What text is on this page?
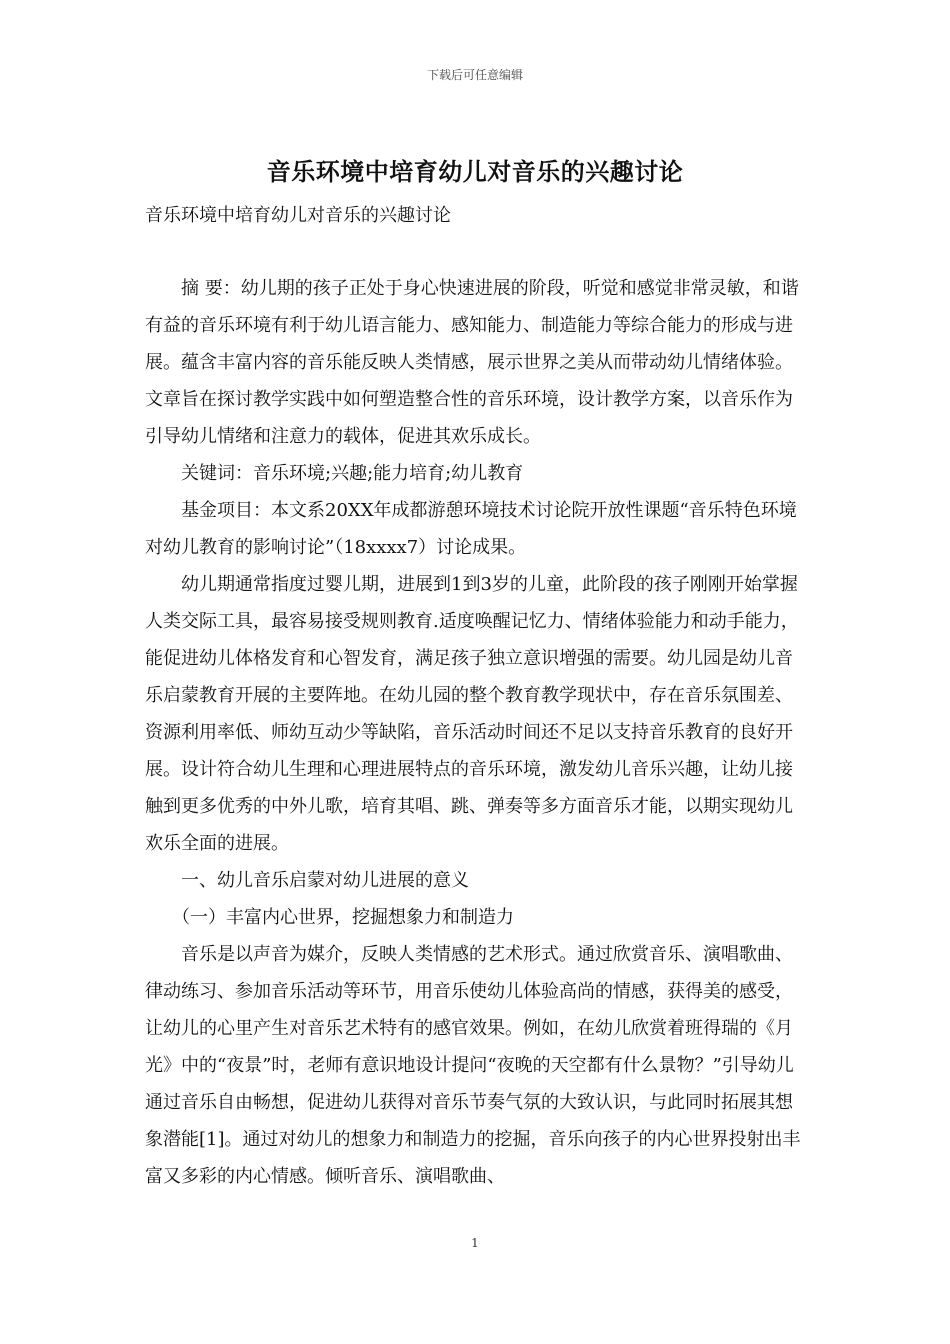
下载后可任意编辑
音乐环境中培育幼儿对音乐的兴趣讨论
音乐环境中培育幼儿对音乐的兴趣讨论

摘 要：幼儿期的孩子正处于身心快速进展的阶段，听觉和感觉非常灵敏，和谐有益的音乐环境有利于幼儿语言能力、感知能力、制造能力等综合能力的形成与进展。蕴含丰富内容的音乐能反映人类情感，展示世界之美从而带动幼儿情绪体验。文章旨在探讨教学实践中如何塑造整合性的音乐环境，设计教学方案，以音乐作为引导幼儿情绪和注意力的载体，促进其欢乐成长。

关键词：音乐环境;兴趣;能力培育;幼儿教育

基金项目：本文系20XX年成都游憩环境技术讨论院开放性课题“音乐特色环境对幼儿教育的影响讨论”（18xxxx7）讨论成果。

幼儿期通常指度过婴儿期，进展到1到3岁的儿童，此阶段的孩子刚刚开始掌握人类交际工具，最容易接受规则教育.适度唤醒记忆力、情绪体验能力和动手能力，能促进幼儿体格发育和心智发育，满足孩子独立意识增强的需要。幼儿园是幼儿音乐启蒙教育开展的主要阵地。在幼儿园的整个教育教学现状中，存在音乐氛围差、资源利用率低、师幼互动少等缺陷，音乐活动时间还不足以支持音乐教育的良好开展。设计符合幼儿生理和心理进展特点的音乐环境，激发幼儿音乐兴趣，让幼儿接触到更多优秀的中外儿歌，培育其唱、跳、弹奏等多方面音乐才能，以期实现幼儿欢乐全面的进展。

一、幼儿音乐启蒙对幼儿进展的意义

（一）丰富内心世界，挖掘想象力和制造力

音乐是以声音为媒介，反映人类情感的艺术形式。通过欣赏音乐、演唱歌曲、律动练习、参加音乐活动等环节，用音乐使幼儿体验高尚的情感，获得美的感受，让幼儿的心里产生对音乐艺术特有的感官效果。例如，在幼儿欣赏着班得瑞的《月光》中的“夜景”时，老师有意识地设计提问“夜晚的天空都有什么景物？”引导幼儿通过音乐自由畅想，促进幼儿获得对音乐节奏气氛的大致认识，与此同时拓展其想象潜能[1]。通过对幼儿的想象力和制造力的挖掘，音乐向孩子的内心世界投射出丰富又多彩的内心情感。倾听音乐、演唱歌曲、

1
